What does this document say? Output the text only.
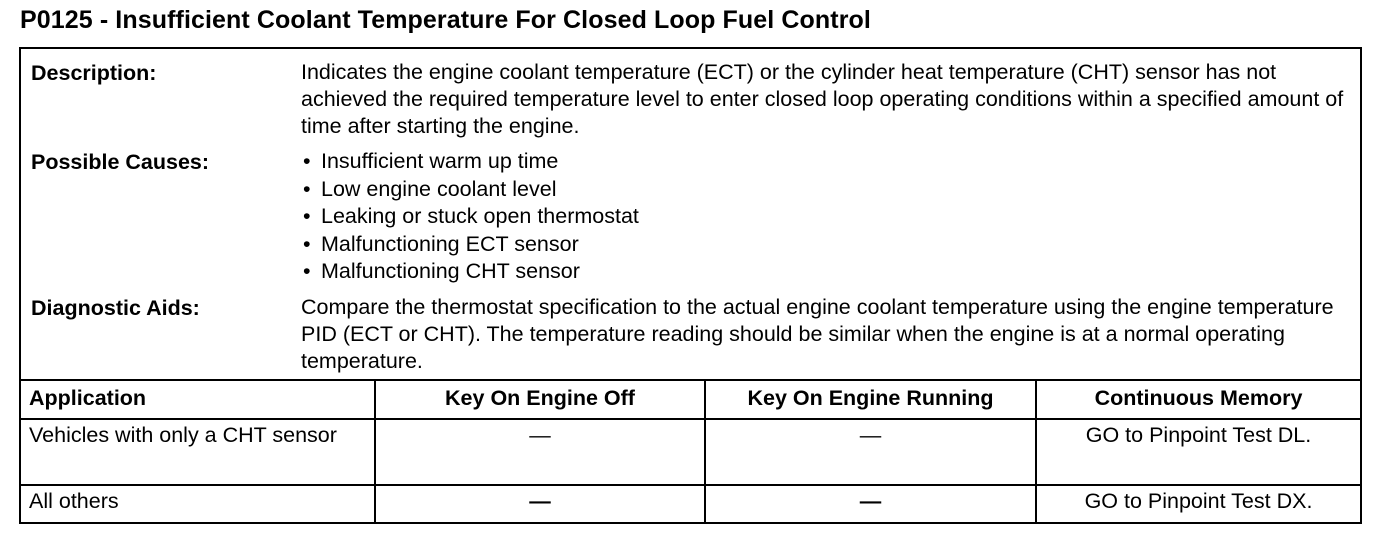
P0125 - Insufficient Coolant Temperature For Closed Loop Fuel Control
Description:	Indicates the engine coolant temperature (ECT) or the cylinder heat temperature (CHT) sensor has not achieved the required temperature level to enter closed loop operating conditions within a specified amount of time after starting the engine.

Possible Causes:	• Insufficient warm up time
• Low engine coolant level
• Leaking or stuck open thermostat
• Malfunctioning ECT sensor
• Malfunctioning CHT sensor
Diagnostic Aids:	Compare the thermostat specification to the actual engine coolant temperature using the engine temperature PID (ECT or CHT). The temperature reading should be similar when the engine is at a normal operating temperature.

Application	Key On Engine Off	Key On Engine Running	Continuous Memory
Vehicles with only a CHT sensor	—	—	GO to Pinpoint Test DL.
All others	—	—	GO to Pinpoint Test DX.
